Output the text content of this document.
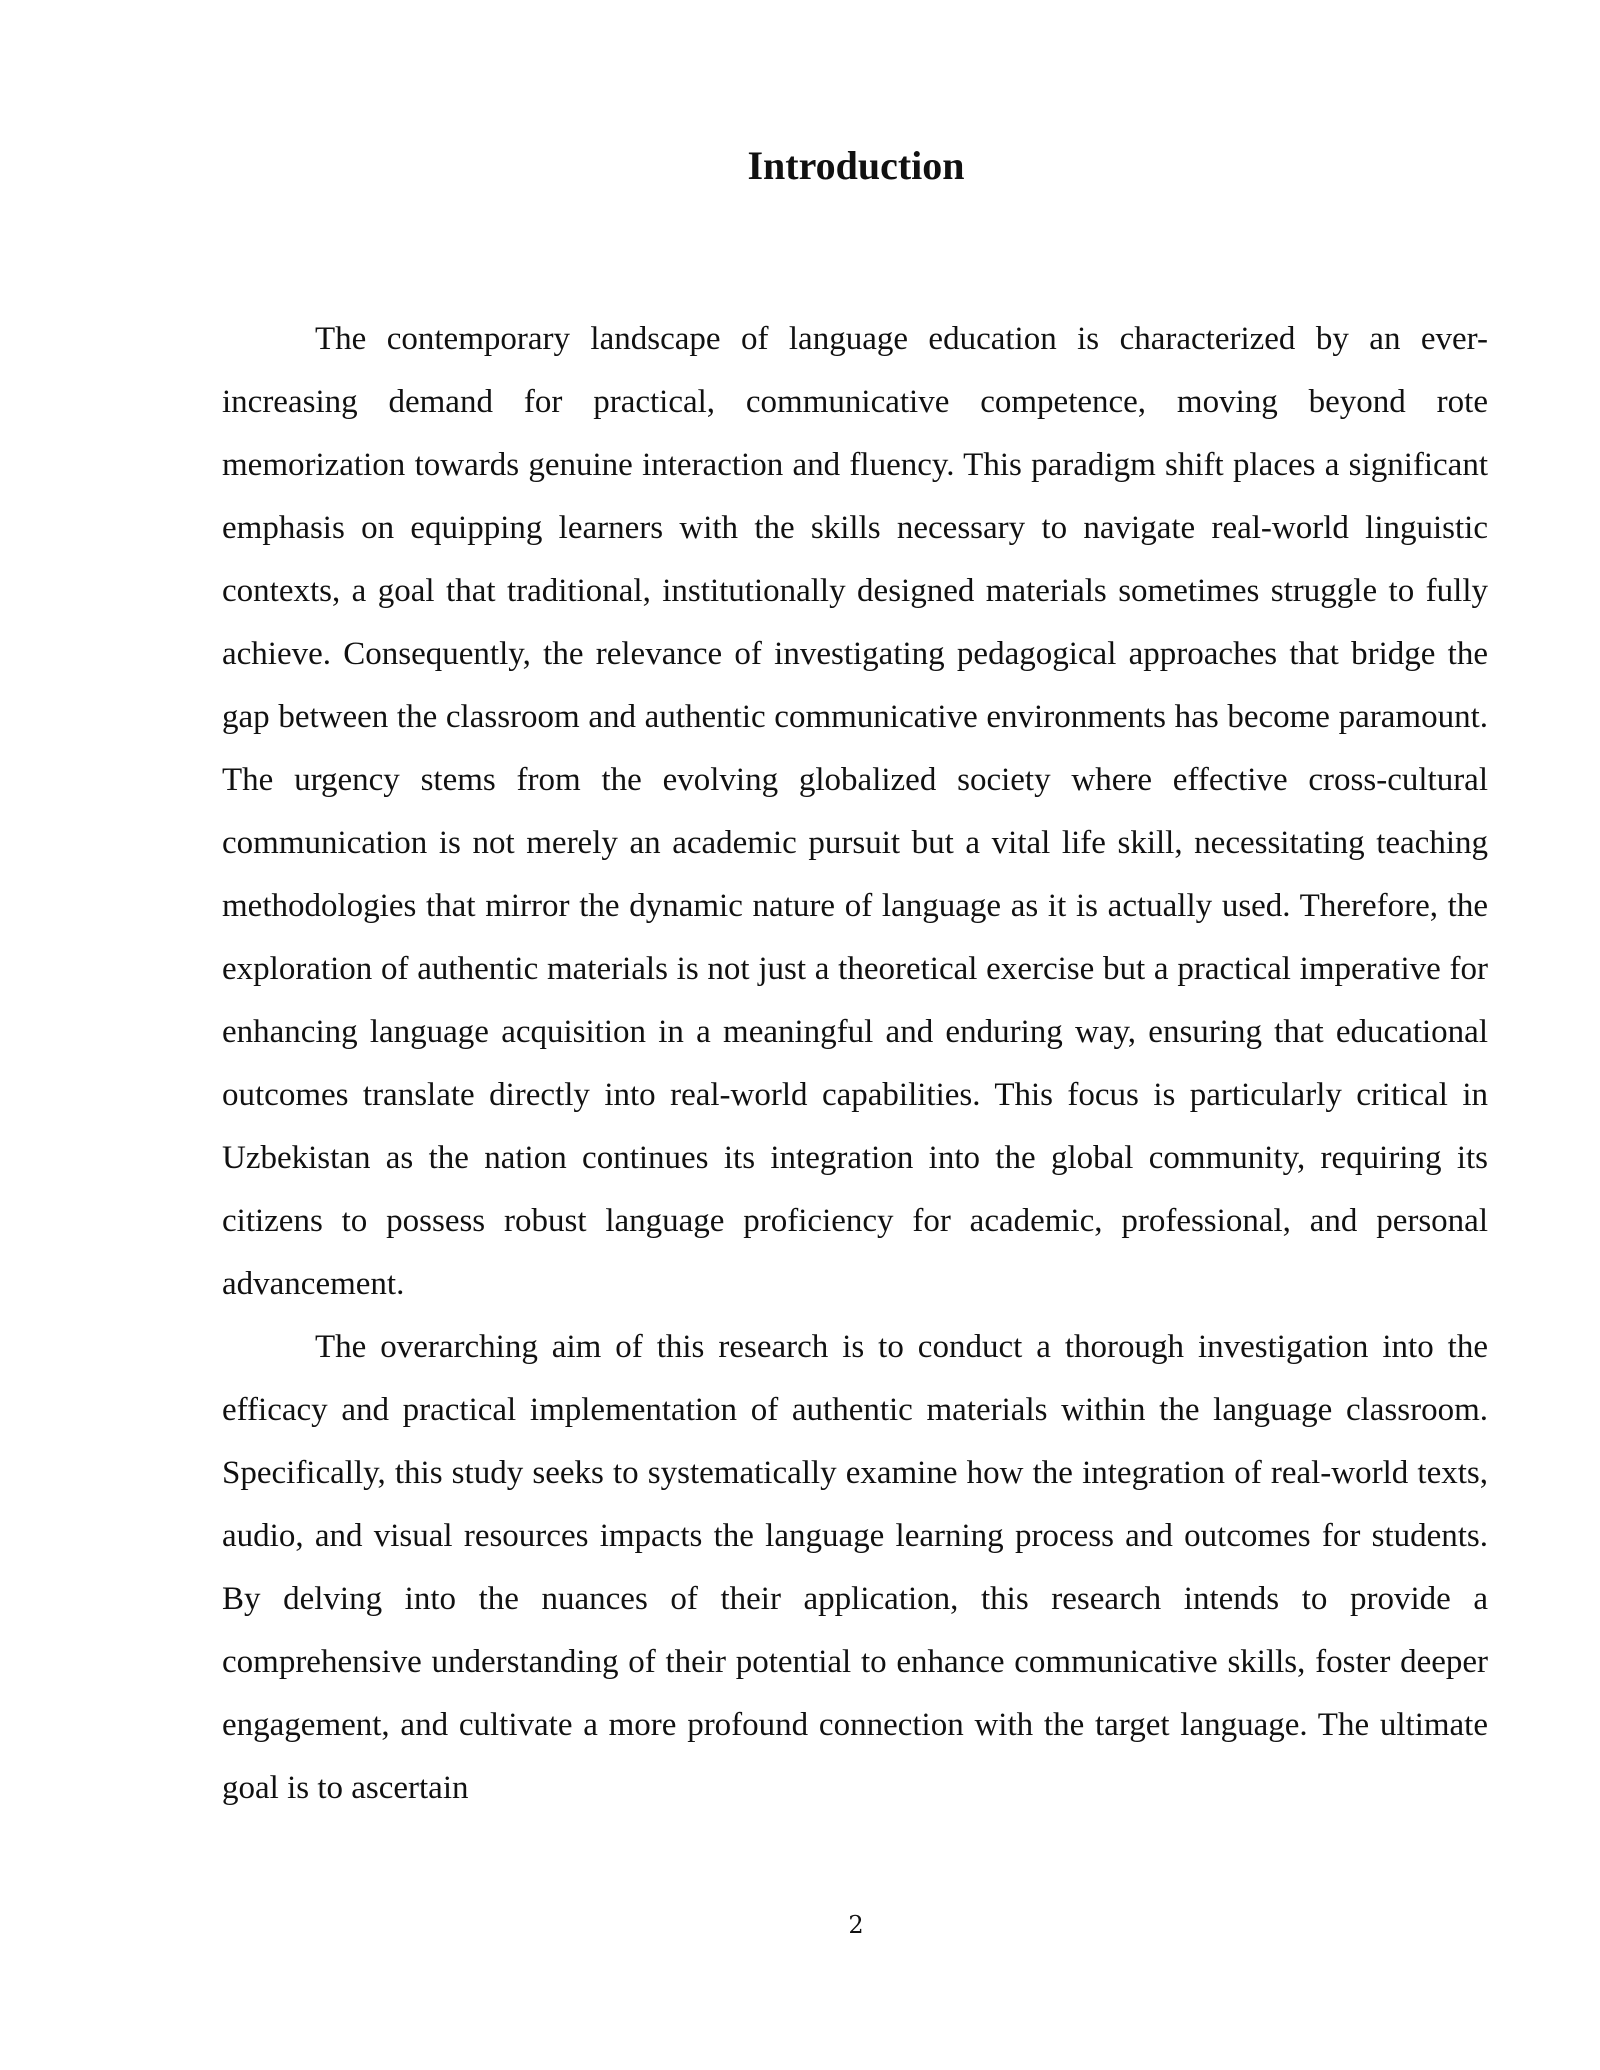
Introduction

The contemporary landscape of language education is characterized by an ever-increasing demand for practical, communicative competence, moving beyond rote memorization towards genuine interaction and fluency. This paradigm shift places a significant emphasis on equipping learners with the skills necessary to navigate real-world linguistic contexts, a goal that traditional, institutionally designed materials sometimes struggle to fully achieve. Consequently, the relevance of investigating pedagogical approaches that bridge the gap between the classroom and authentic communicative environments has become paramount. The urgency stems from the evolving globalized society where effective cross-cultural communication is not merely an academic pursuit but a vital life skill, necessitating teaching methodologies that mirror the dynamic nature of language as it is actually used. Therefore, the exploration of authentic materials is not just a theoretical exercise but a practical imperative for enhancing language acquisition in a meaningful and enduring way, ensuring that educational outcomes translate directly into real-world capabilities. This focus is particularly critical in Uzbekistan as the nation continues its integration into the global community, requiring its citizens to possess robust language proficiency for academic, professional, and personal advancement.

The overarching aim of this research is to conduct a thorough investigation into the efficacy and practical implementation of authentic materials within the language classroom. Specifically, this study seeks to systematically examine how the integration of real-world texts, audio, and visual resources impacts the language learning process and outcomes for students. By delving into the nuances of their application, this research intends to provide a comprehensive understanding of their potential to enhance communicative skills, foster deeper engagement, and cultivate a more profound connection with the target language. The ultimate goal is to ascertain

2
